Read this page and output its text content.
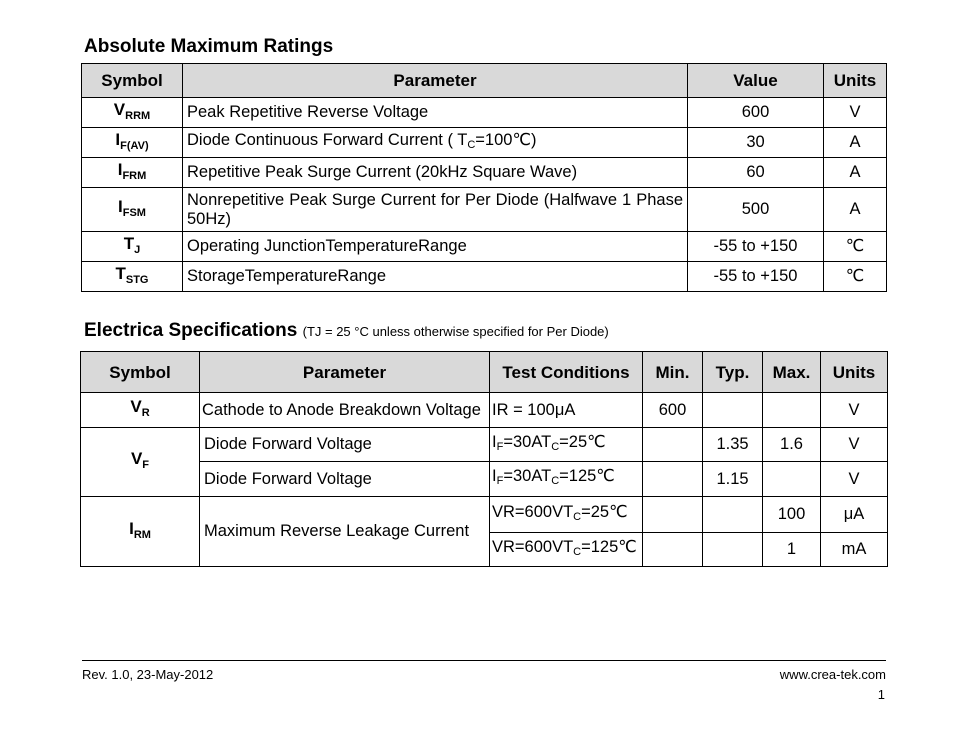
Absolute Maximum Ratings
Symbol	Parameter	Value	Units
$V_{RRM}$	Peak Repetitive Reverse Voltage	600	V
$I_{F(AV)}$	Diode Continuous Forward Current ( $T_C=100℃$)	30	A
$I_{FRM}$	Repetitive Peak Surge Current (20kHz Square Wave)	60	A
$I_{FSM}$	Nonrepetitive Peak Surge Current for Per Diode (Halfwave 1 Phase 50Hz)	500	A
$T_J$	Operating JunctionTemperatureRange	-55 to +150	℃
$T_{STG}$	StorageTemperatureRange	-55 to +150	℃
Electrica Specifications (TJ = 25 °C unless otherwise specified for Per Diode)
Symbol	Parameter	Test Conditions	Min.	Typ.	Max.	Units
$V_R$	Cathode to Anode Breakdown Voltage	IR = 100μA	600			V
$V_F$	Diode Forward Voltage	$I_F=30AT_C=25℃$		1.35	1.6	V
	Diode Forward Voltage	$I_F=30AT_C=125℃$		1.15		V
$I_{RM}$	Maximum Reverse Leakage Current	$VR=600VT_C=25℃$			100	μA
		$VR=600VT_C=125℃$			1	mA
Rev. 1.0, 23-May-2012	www.crea-tek.com
1
